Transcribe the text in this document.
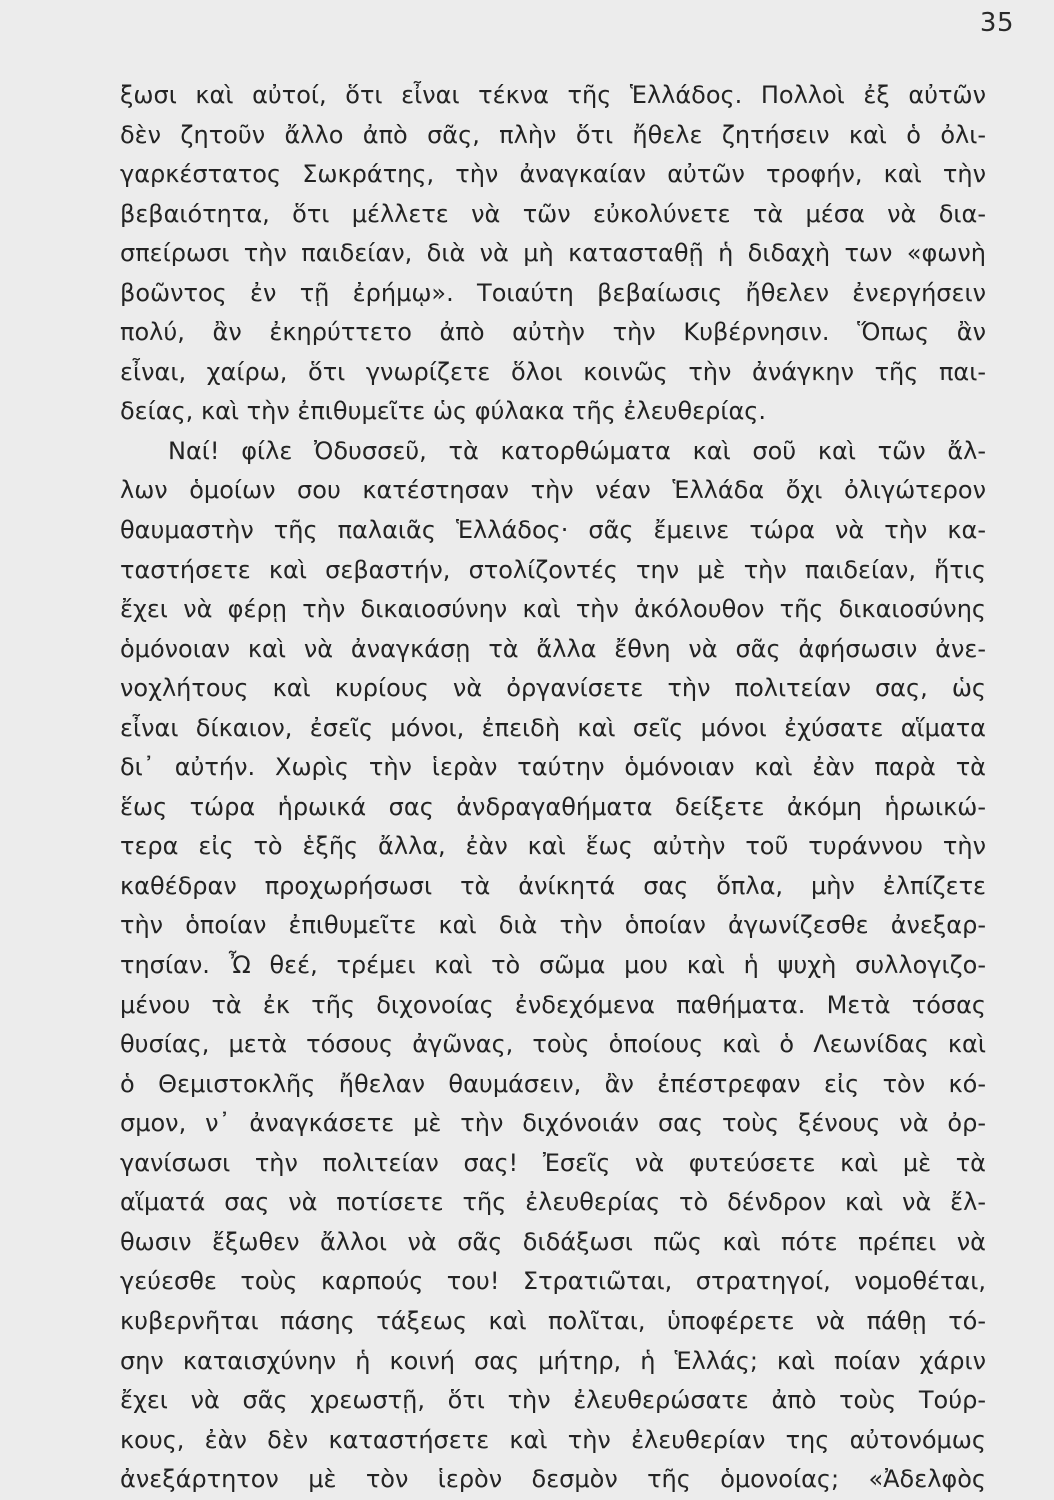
35
ξωσι καὶ αὐτοί, ὅτι εἶναι τέκνα τῆς Ἑλλάδος. Πολλοὶ ἐξ αὐτῶν
δὲν ζητοῦν ἄλλο ἀπὸ σᾶς, πλὴν ὅτι ἤθελε ζητήσειν καὶ ὁ ὀλι-
γαρκέστατος Σωκράτης, τὴν ἀναγκαίαν αὐτῶν τροφήν, καὶ τὴν
βεβαιότητα, ὅτι μέλλετε νὰ τῶν εὐκολύνετε τὰ μέσα νὰ δια-
σπείρωσι τὴν παιδείαν, διὰ νὰ μὴ κατασταθῇ ἡ διδαχὴ των «φωνὴ
βοῶντος ἐν τῇ ἐρήμῳ». Τοιαύτη βεβαίωσις ἤθελεν ἐνεργήσειν
πολύ, ἂν ἐκηρύττετο ἀπὸ αὐτὴν τὴν Κυβέρνησιν. Ὅπως ἂν
εἶναι, χαίρω, ὅτι γνωρίζετε ὅλοι κοινῶς τὴν ἀνάγκην τῆς παι-
δείας, καὶ τὴν ἐπιθυμεῖτε ὡς φύλακα τῆς ἐλευθερίας.
Ναί! φίλε Ὀδυσσεῦ, τὰ κατορθώματα καὶ σοῦ καὶ τῶν ἄλ-
λων ὁμοίων σου κατέστησαν τὴν νέαν Ἑλλάδα ὄχι ὀλιγώτερον
θαυμαστὴν τῆς παλαιᾶς Ἑλλάδος· σᾶς ἔμεινε τώρα νὰ τὴν κα-
ταστήσετε καὶ σεβαστήν, στολίζοντές την μὲ τὴν παιδείαν, ἥτις
ἔχει νὰ φέρῃ τὴν δικαιοσύνην καὶ τὴν ἀκόλουθον τῆς δικαιοσύνης
ὁμόνοιαν καὶ νὰ ἀναγκάσῃ τὰ ἄλλα ἔθνη νὰ σᾶς ἀφήσωσιν ἀνε-
νοχλήτους καὶ κυρίους νὰ ὀργανίσετε τὴν πολιτείαν σας, ὡς
εἶναι δίκαιον, ἐσεῖς μόνοι, ἐπειδὴ καὶ σεῖς μόνοι ἐχύσατε αἵματα
δι᾿ αὐτήν. Χωρὶς τὴν ἱερὰν ταύτην ὁμόνοιαν καὶ ἐὰν παρὰ τὰ
ἕως τώρα ἡρωικά σας ἀνδραγαθήματα δείξετε ἀκόμη ἡρωικώ-
τερα εἰς τὸ ἑξῆς ἄλλα, ἐὰν καὶ ἕως αὐτὴν τοῦ τυράννου τὴν
καθέδραν προχωρήσωσι τὰ ἀνίκητά σας ὅπλα, μὴν ἐλπίζετε
τὴν ὁποίαν ἐπιθυμεῖτε καὶ διὰ τὴν ὁποίαν ἀγωνίζεσθε ἀνεξαρ-
τησίαν. Ὦ θεέ, τρέμει καὶ τὸ σῶμα μου καὶ ἡ ψυχὴ συλλογιζο-
μένου τὰ ἐκ τῆς διχονοίας ἐνδεχόμενα παθήματα. Μετὰ τόσας
θυσίας, μετὰ τόσους ἀγῶνας, τοὺς ὁποίους καὶ ὁ Λεωνίδας καὶ
ὁ Θεμιστοκλῆς ἤθελαν θαυμάσειν, ἂν ἐπέστρεφαν εἰς τὸν κό-
σμον, ν᾿ ἀναγκάσετε μὲ τὴν διχόνοιάν σας τοὺς ξένους νὰ ὀρ-
γανίσωσι τὴν πολιτείαν σας! Ἐσεῖς νὰ φυτεύσετε καὶ μὲ τὰ
αἵματά σας νὰ ποτίσετε τῆς ἐλευθερίας τὸ δένδρον καὶ νὰ ἔλ-
θωσιν ἔξωθεν ἄλλοι νὰ σᾶς διδάξωσι πῶς καὶ πότε πρέπει νὰ
γεύεσθε τοὺς καρπούς του! Στρατιῶται, στρατηγοί, νομοθέται,
κυβερνῆται πάσης τάξεως καὶ πολῖται, ὑποφέρετε νὰ πάθῃ τό-
σην καταισχύνην ἡ κοινή σας μήτηρ, ἡ Ἑλλάς; καὶ ποίαν χάριν
ἔχει νὰ σᾶς χρεωστῇ, ὅτι τὴν ἐλευθερώσατε ἀπὸ τοὺς Τούρ-
κους, ἐὰν δὲν καταστήσετε καὶ τὴν ἐλευθερίαν της αὐτονόμως
ἀνεξάρτητον μὲ τὸν ἱερὸν δεσμὸν τῆς ὁμονοίας; «Ἀδελφὸς
